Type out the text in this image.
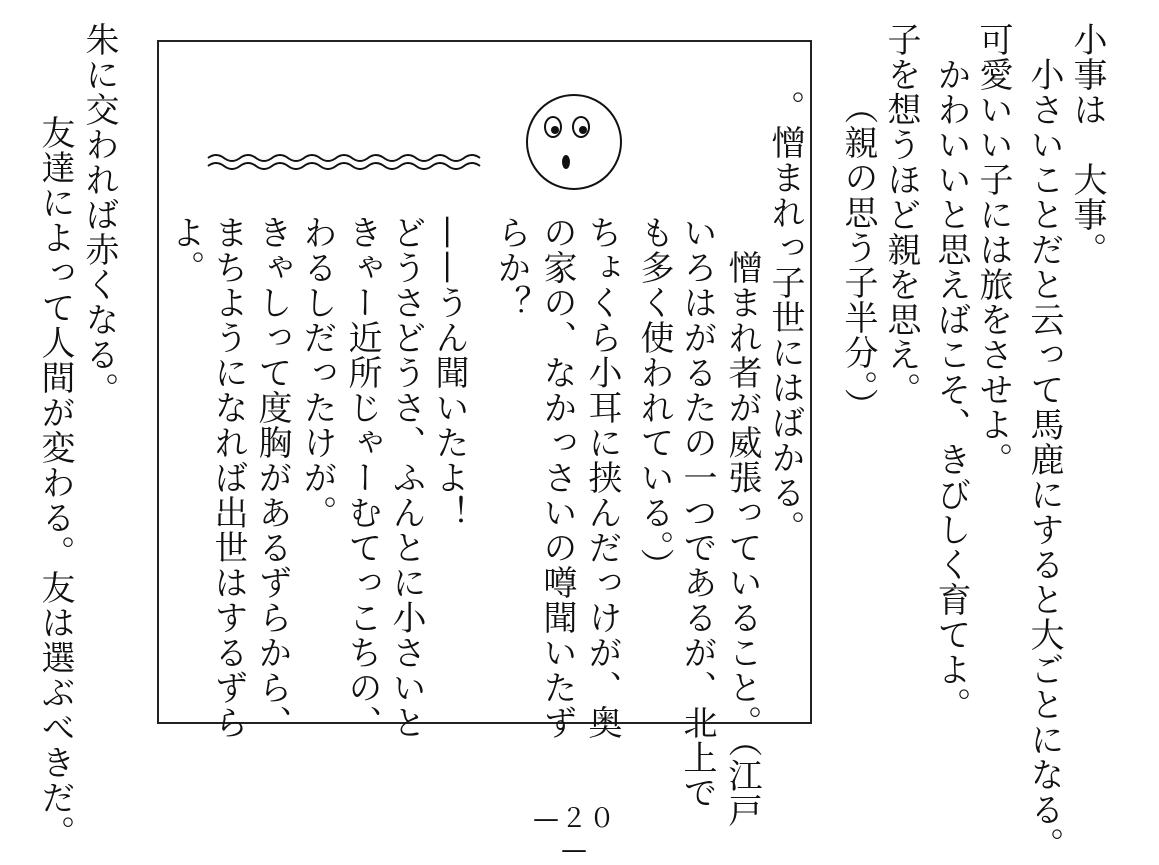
小事は　大事。
　小さいことだと云って馬鹿にすると大ごとになる。
可愛いい子には旅をさせよ。
　かわいいと思えばこそ、きびしく育てよ。
子を想うほど親を思え。
（親の思う子半分。）
。憎まれっ子世にはばかる。
　憎まれ者が威張っていること。（江戸
いろはがるたの一つであるが、北上で
も多く使われている。）
ちょくら小耳に挟んだっけが、奥
の家の、なかっさいの噂聞いたず
らか？
——うん聞いたよ！
どうさどうさ、ふんとに小さいと
きゃー近所じゃーむてっこちの、
わるしだったけが。
きゃしって度胸があるずらから、
まちようになれば出世はするずら
よ。
朱に交われば赤くなる。
　友達によって人間が変わる。友は選ぶべきだ。	—２０—
